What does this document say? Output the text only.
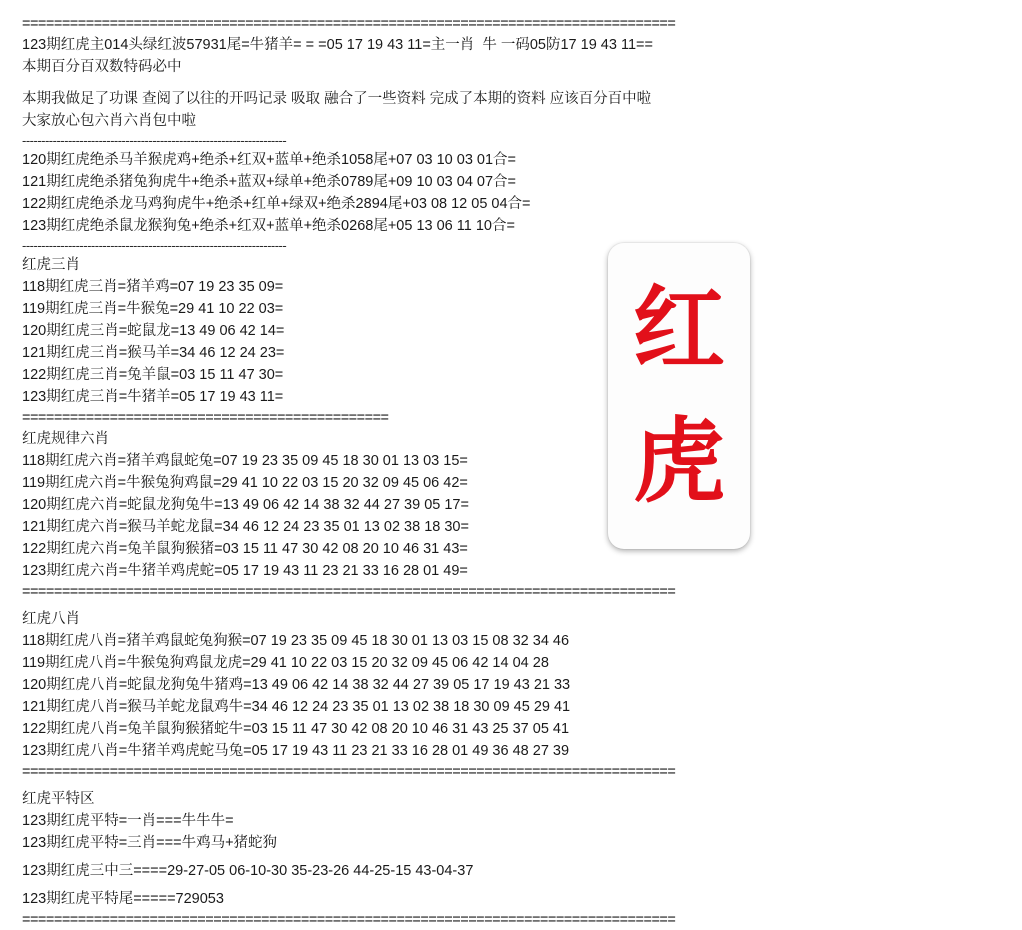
==================================================================================
123期红虎主014头绿红波57931尾=牛猪羊= = =05 17 19 43 11=主一肖  牛 一码05防17 19 43 11==
本期百分百双数特码必中
本期我做足了功课 查阅了以往的开吗记录 吸取 融合了一些资料 完成了本期的资料 应该百分百中啦
大家放心包六肖六肖包中啦
---------------------------------------------------------------------
120期红虎绝杀马羊猴虎鸡+绝杀+红双+蓝单+绝杀1058尾+07 03 10 03 01合=
121期红虎绝杀猪兔狗虎牛+绝杀+蓝双+绿单+绝杀0789尾+09 10 03 04 07合=
122期红虎绝杀龙马鸡狗虎牛+绝杀+红单+绿双+绝杀2894尾+03 08 12 05 04合=
123期红虎绝杀鼠龙猴狗兔+绝杀+红双+蓝单+绝杀0268尾+05 13 06 11 10合=
---------------------------------------------------------------------
红虎三肖
118期红虎三肖=猪羊鸡=07 19 23 35 09=
119期红虎三肖=牛猴兔=29 41 10 22 03=
120期红虎三肖=蛇鼠龙=13 49 06 42 14=
121期红虎三肖=猴马羊=34 46 12 24 23=
122期红虎三肖=兔羊鼠=03 15 11 47 30=
123期红虎三肖=牛猪羊=05 17 19 43 11=
==============================================
红虎规律六肖
118期红虎六肖=猪羊鸡鼠蛇兔=07 19 23 35 09 45 18 30 01 13 03 15=
119期红虎六肖=牛猴兔狗鸡鼠=29 41 10 22 03 15 20 32 09 45 06 42=
120期红虎六肖=蛇鼠龙狗兔牛=13 49 06 42 14 38 32 44 27 39 05 17=
121期红虎六肖=猴马羊蛇龙鼠=34 46 12 24 23 35 01 13 02 38 18 30=
122期红虎六肖=兔羊鼠狗猴猪=03 15 11 47 30 42 08 20 10 46 31 43=
123期红虎六肖=牛猪羊鸡虎蛇=05 17 19 43 11 23 21 33 16 28 01 49=
==================================================================================
红虎八肖
118期红虎八肖=猪羊鸡鼠蛇兔狗猴=07 19 23 35 09 45 18 30 01 13 03 15 08 32 34 46
119期红虎八肖=牛猴兔狗鸡鼠龙虎=29 41 10 22 03 15 20 32 09 45 06 42 14 04 28
120期红虎八肖=蛇鼠龙狗兔牛猪鸡=13 49 06 42 14 38 32 44 27 39 05 17 19 43 21 33
121期红虎八肖=猴马羊蛇龙鼠鸡牛=34 46 12 24 23 35 01 13 02 38 18 30 09 45 29 41
122期红虎八肖=兔羊鼠狗猴猪蛇牛=03 15 11 47 30 42 08 20 10 46 31 43 25 37 05 41
123期红虎八肖=牛猪羊鸡虎蛇马兔=05 17 19 43 11 23 21 33 16 28 01 49 36 48 27 39
==================================================================================
红虎平特区
123期红虎平特=一肖===牛牛牛=
123期红虎平特=三肖===牛鸡马+猪蛇狗
123期红虎三中三====29-27-05 06-10-30 35-23-26 44-25-15 43-04-37
123期红虎平特尾=====729053
==================================================================================
红
虎
